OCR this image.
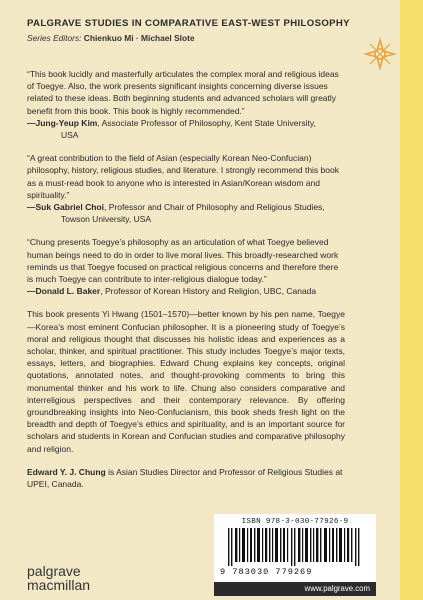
PALGRAVE STUDIES IN COMPARATIVE EAST-WEST PHILOSOPHY
Series Editors: Chienkuo Mi · Michael Slote

“This book lucidly and masterfully articulates the complex moral and religious ideas of Toegye. Also, the work presents significant insights concerning diverse issues related to these ideas. Both beginning students and advanced scholars will greatly benefit from this book. This book is highly recommended.”

—Jung-Yeup Kim, Associate Professor of Philosophy, Kent State University,
USA

“A great contribution to the field of Asian (especially Korean Neo-Confucian) philosophy, history, religious studies, and literature. I strongly recommend this book as a must-read book to anyone who is interested in Asian/Korean wisdom and spirituality.”

—Suk Gabriel Choi, Professor and Chair of Philosophy and Religious Studies,
Towson University, USA

“Chung presents Toegye’s philosophy as an articulation of what Toegye believed human beings need to do in order to live moral lives. This broadly-researched work reminds us that Toegye focused on practical religious concerns and therefore there is much Toegye can contribute to inter-religious dialogue today.”

—Donald L. Baker, Professor of Korean History and Religion, UBC, Canada

This book presents Yi Hwang (1501–1570)—better known by his pen name, Toegye—Korea’s most eminent Confucian philosopher. It is a pioneering study of Toegye’s moral and religious thought that discusses his holistic ideas and experiences as a scholar, thinker, and spiritual practitioner. This study includes Toegye’s major texts, essays, letters, and biographies. Edward Chung explains key concepts, original quotations, annotated notes, and thought-provoking comments to bring this monumental thinker and his work to life. Chung also considers comparative and interreligious perspectives and their contemporary relevance. By offering groundbreaking insights into Neo-Confucianism, this book sheds fresh light on the breadth and depth of Toegye’s ethics and spirituality, and is an important source for scholars and students in Korean and Confucian studies and comparative philosophy and religion.

Edward Y. J. Chung is Asian Studies Director and Professor of Religious Studies at UPEI, Canada.

palgrave
macmillan
ISBN 978-3-030-77926-9
9 783030 779269
www.palgrave.com
